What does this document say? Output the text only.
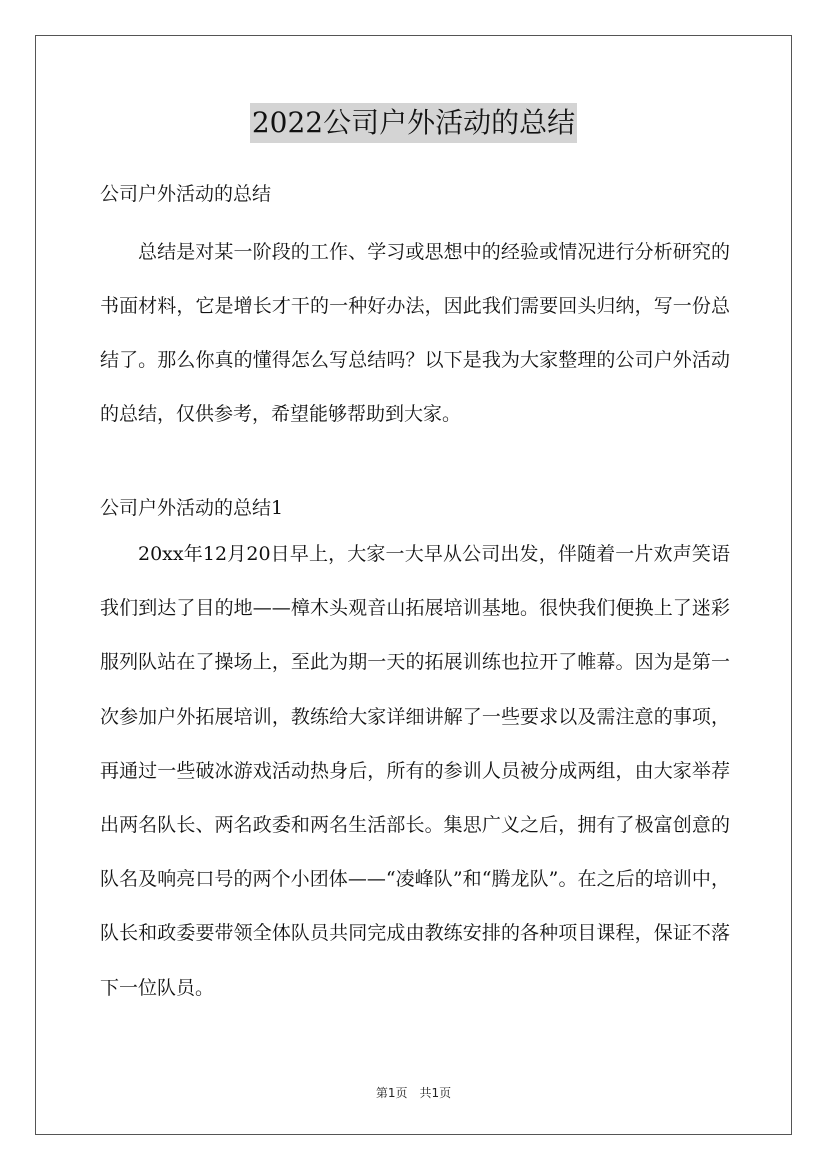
2022公司户外活动的总结

公司户外活动的总结

总结是对某一阶段的工作、学习或思想中的经验或情况进行分析研究的书面材料，它是增长才干的一种好办法，因此我们需要回头归纳，写一份总结了。那么你真的懂得怎么写总结吗？以下是我为大家整理的公司户外活动的总结，仅供参考，希望能够帮助到大家。

公司户外活动的总结1

20xx年12月20日早上，大家一大早从公司出发，伴随着一片欢声笑语我们到达了目的地——樟木头观音山拓展培训基地。很快我们便换上了迷彩服列队站在了操场上，至此为期一天的拓展训练也拉开了帷幕。因为是第一次参加户外拓展培训，教练给大家详细讲解了一些要求以及需注意的事项，再通过一些破冰游戏活动热身后，所有的参训人员被分成两组，由大家举荐出两名队长、两名政委和两名生活部长。集思广义之后，拥有了极富创意的队名及响亮口号的两个小团体——“凌峰队”和“腾龙队”。在之后的培训中，队长和政委要带领全体队员共同完成由教练安排的各种项目课程，保证不落下一位队员。

第1页 共1页
